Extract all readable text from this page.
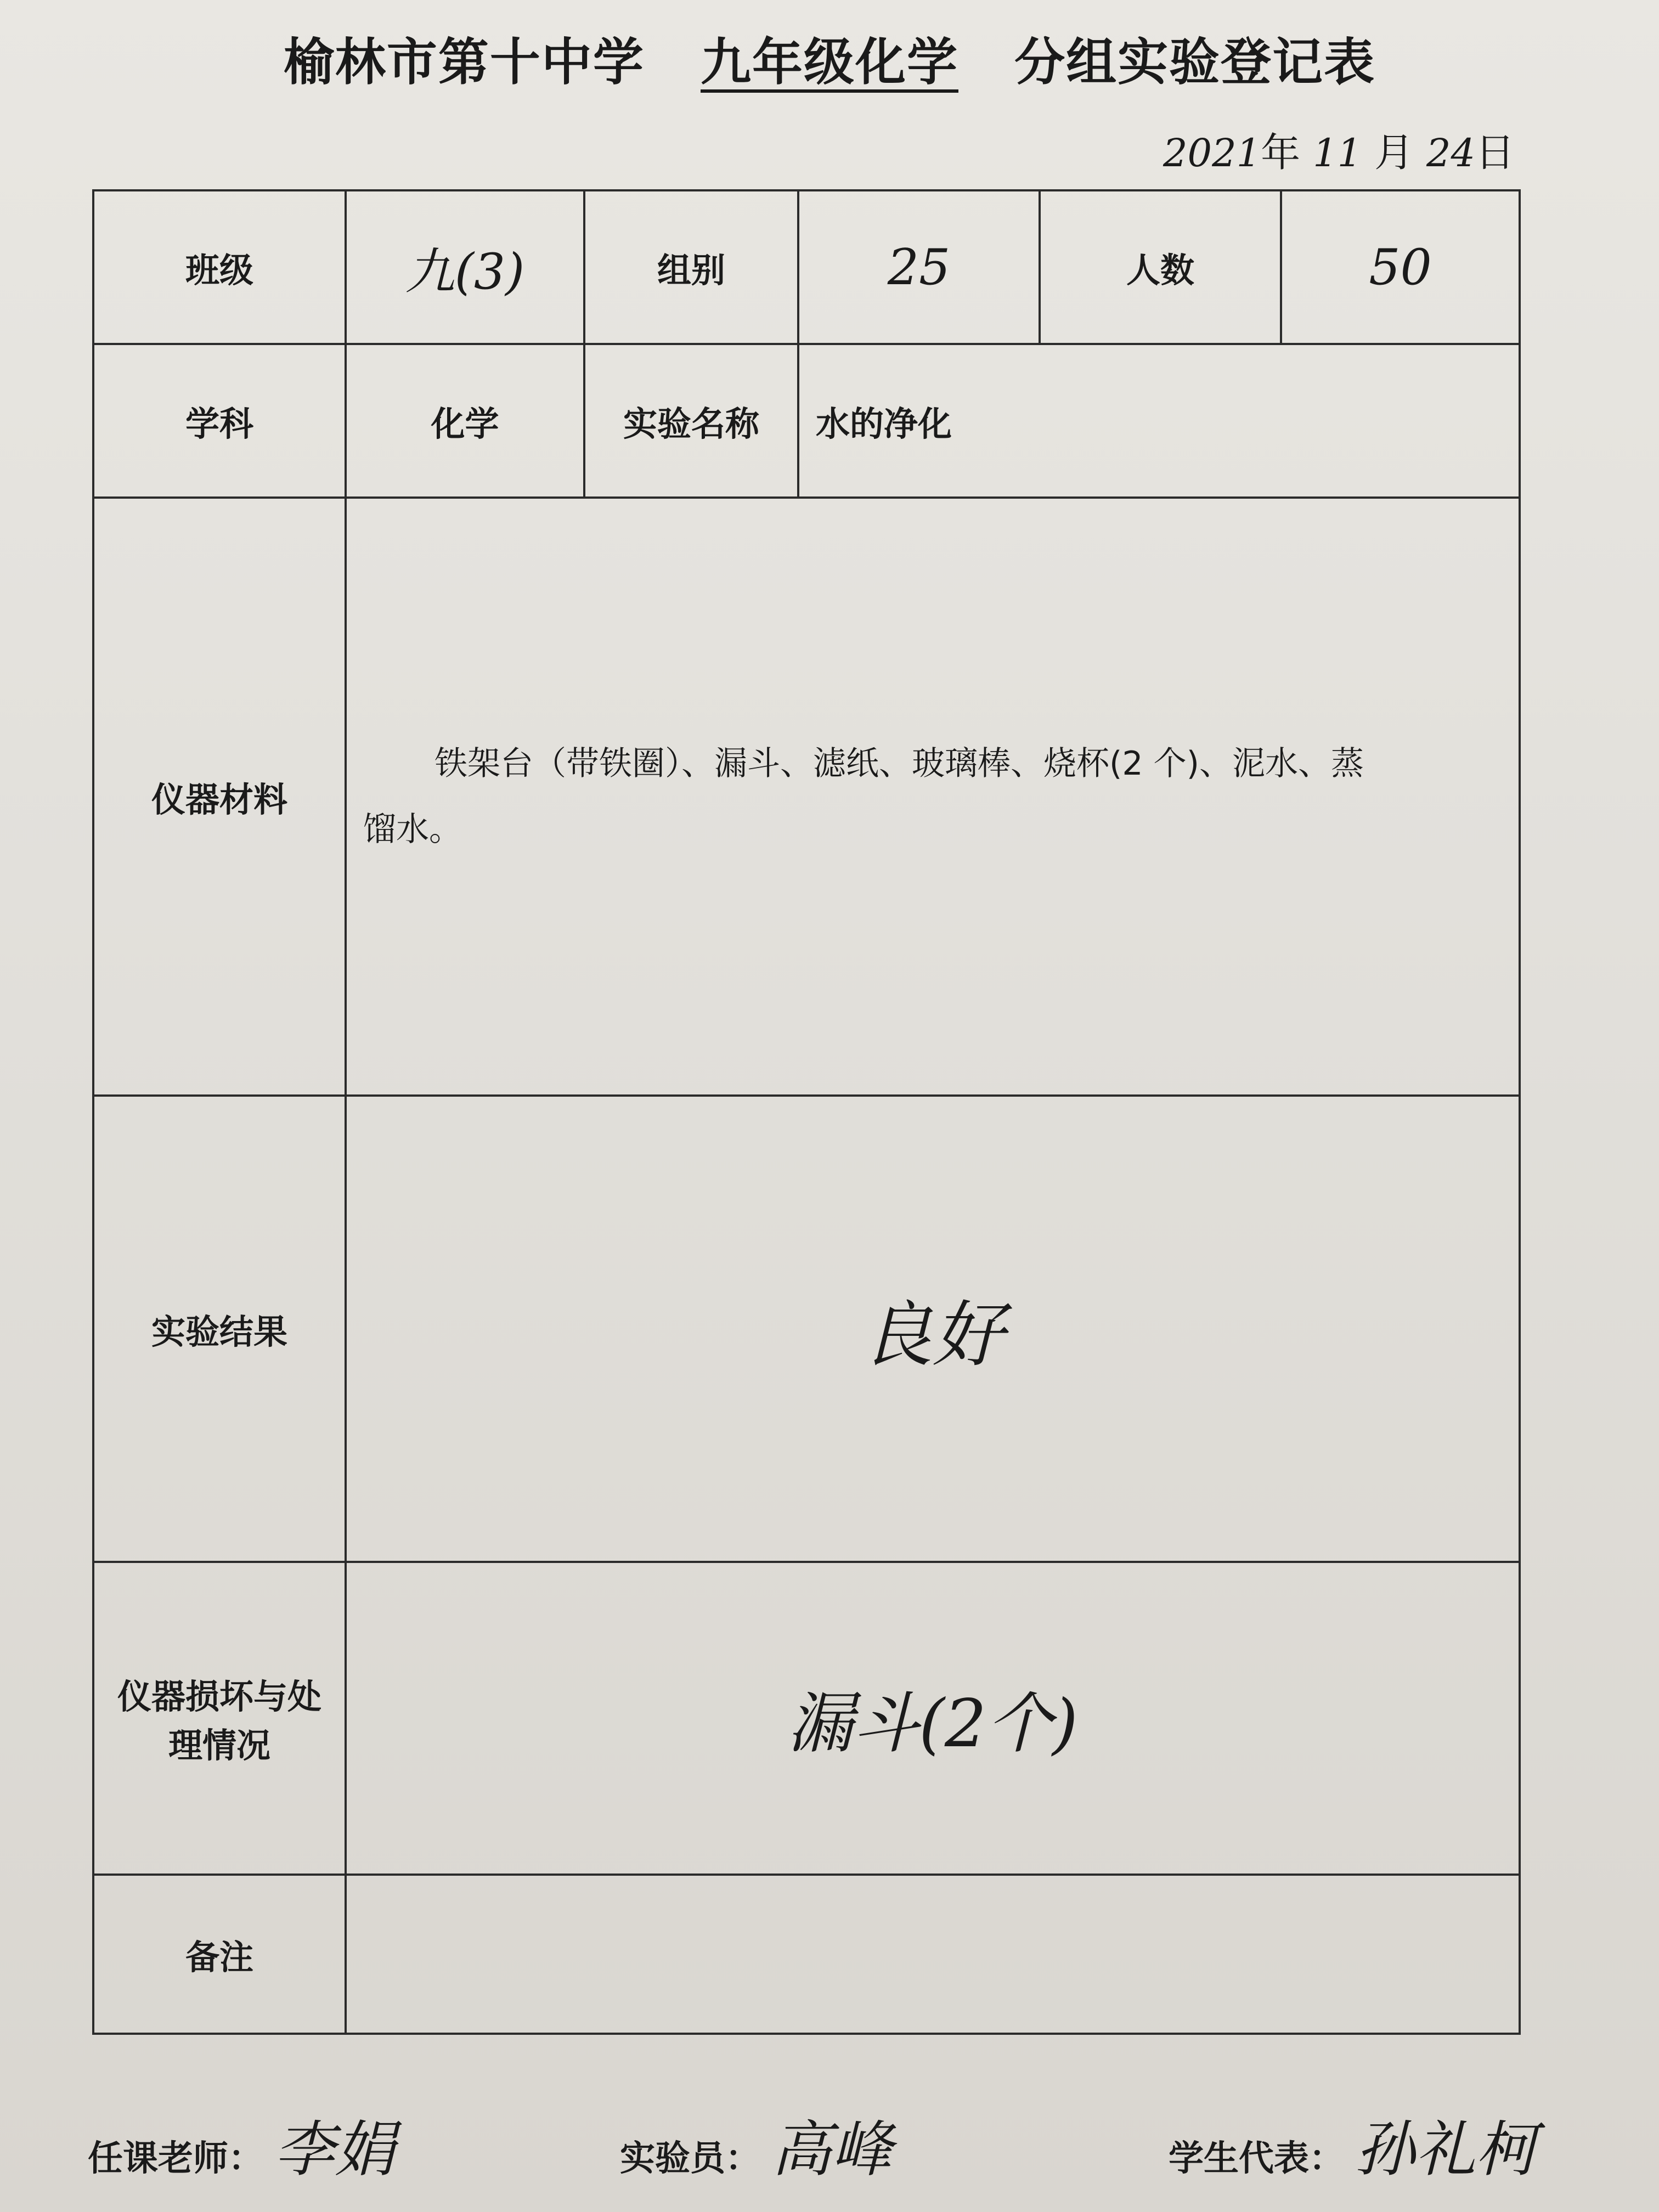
榆林市第十中学 九年级化学 分组实验登记表
2021年 11 月 24日
班级	九(3)	组别	25	人数	50
学科	化学	实验名称	水的净化		
仪器材料	铁架台（带铁圈）、漏斗、滤纸、玻璃棒、烧杯(2 个)、泥水、蒸
馏水。				

实验结果	良好				

仪器损坏与处
理情况	漏斗(2个)				
备注					
任课老师： 李娟	实验员： 高峰	学生代表： 孙礼柯
